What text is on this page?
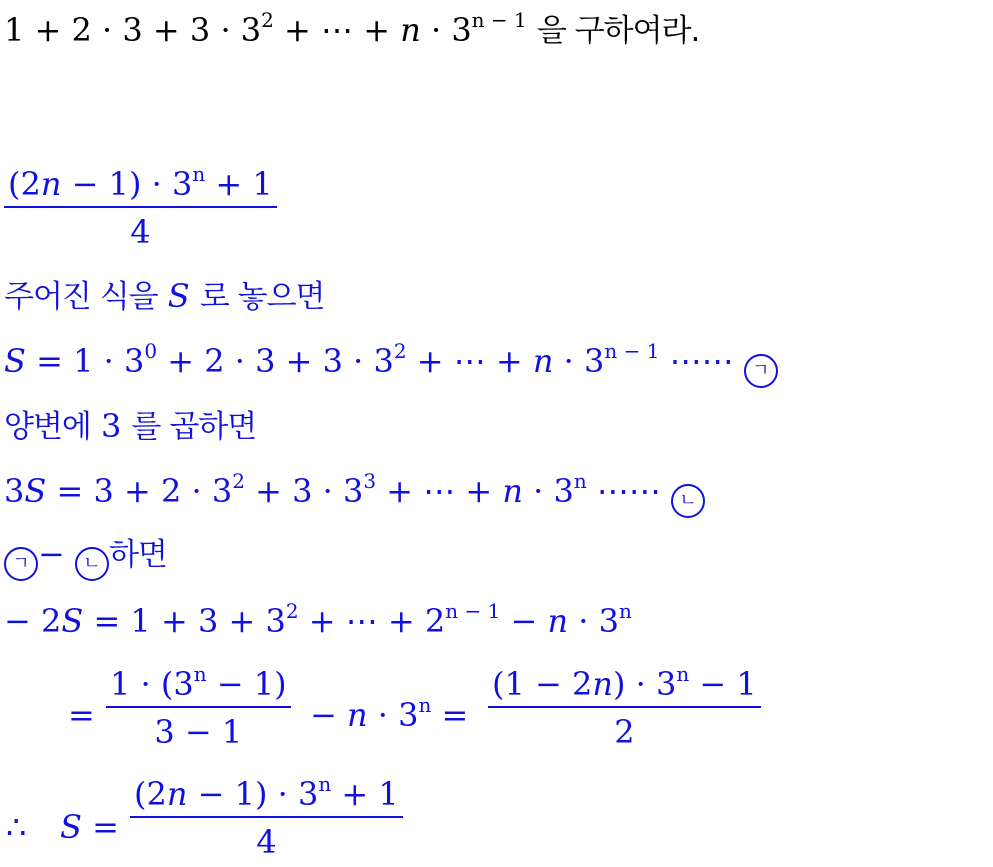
$1 + 2 \cdot 3 + 3 \cdot 3^2$ + ⋯ + $n \cdot 3^{n - 1}$ 을 구하여라.
$(2n - 1) \cdot 3^n + 1$
4
주어진 식을 S 로 놓으면
$S = 1 \cdot 3^0 + 2 \cdot 3 + 3 \cdot 3^2$ + ⋯ + $n \cdot 3^{n - 1}$ ⋯⋯ ㄱ
양변에 3 를 곱하면
$3S = 3 + 2 \cdot 3^2 + 3 \cdot 3^3$ + ⋯ + $n \cdot 3^n$ ⋯⋯ ㄴ
ㄱ − ㄴ 하면
− $2S = 1 + 3 + 3^2$ + ⋯ + $2^{n - 1} - n \cdot 3^n$
=
$1 \cdot (3^n - 1)$
$3 - 1 - n \cdot 3^n$ =
$(1 - 2n) \cdot 3^n - 1$
2
∴ S =
$(2n - 1) \cdot 3^n + 1$
4
